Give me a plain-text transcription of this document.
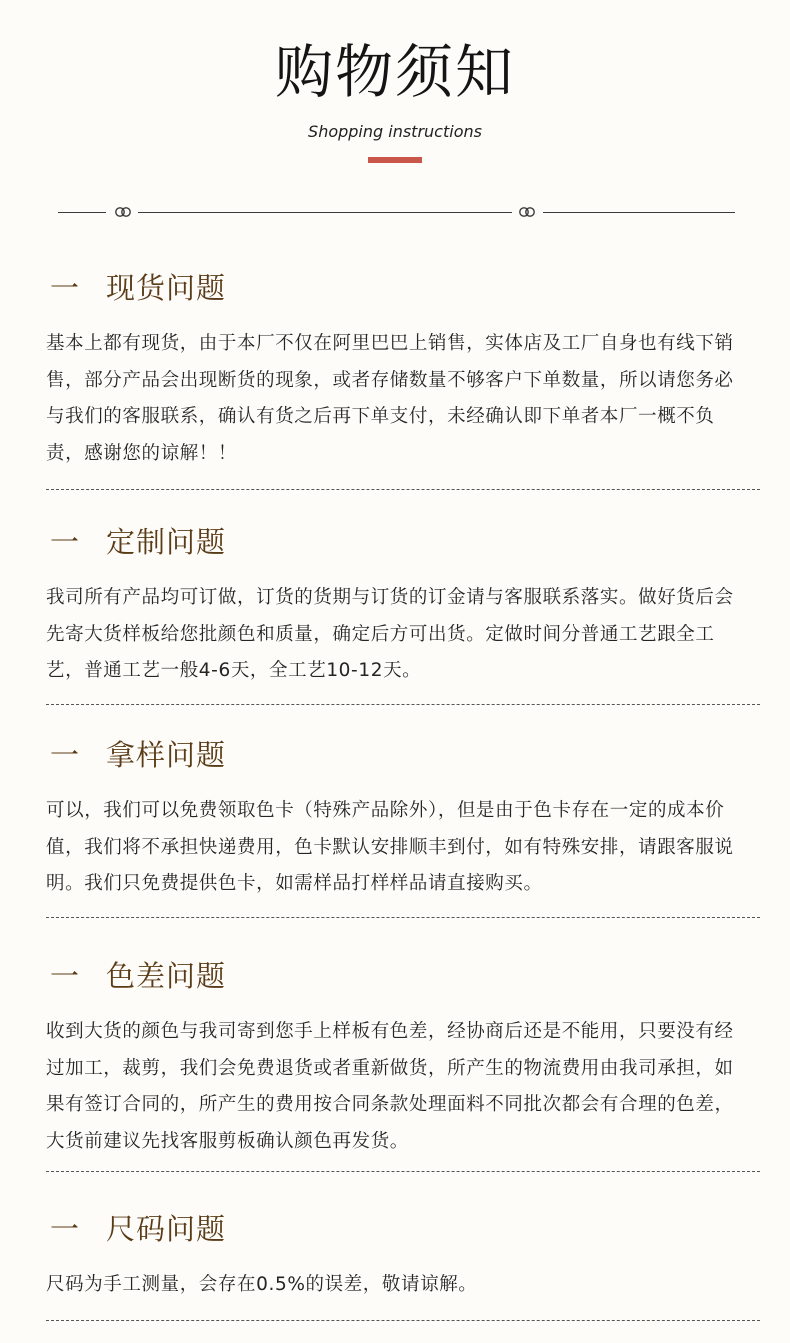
购物须知
Shopping instructions
一 现货问题

基本上都有现货，由于本厂不仅在阿里巴巴上销售，实体店及工厂自身也有线下销售，部分产品会出现断货的现象，或者存储数量不够客户下单数量，所以请您务必与我们的客服联系，确认有货之后再下单支付，未经确认即下单者本厂一概不负责，感谢您的谅解！！

一 定制问题

我司所有产品均可订做，订货的货期与订货的订金请与客服联系落实。做好货后会先寄大货样板给您批颜色和质量，确定后方可出货。定做时间分普通工艺跟全工艺，普通工艺一般4-6天，全工艺10-12天。

一 拿样问题

可以，我们可以免费领取色卡（特殊产品除外），但是由于色卡存在一定的成本价值，我们将不承担快递费用，色卡默认安排顺丰到付，如有特殊安排，请跟客服说明。我们只免费提供色卡，如需样品打样样品请直接购买。

一 色差问题

收到大货的颜色与我司寄到您手上样板有色差，经协商后还是不能用，只要没有经过加工，裁剪，我们会免费退货或者重新做货，所产生的物流费用由我司承担，如果有签订合同的，所产生的费用按合同条款处理面料不同批次都会有合理的色差，大货前建议先找客服剪板确认颜色再发货。

一 尺码问题

尺码为手工测量，会存在0.5%的误差，敬请谅解。
